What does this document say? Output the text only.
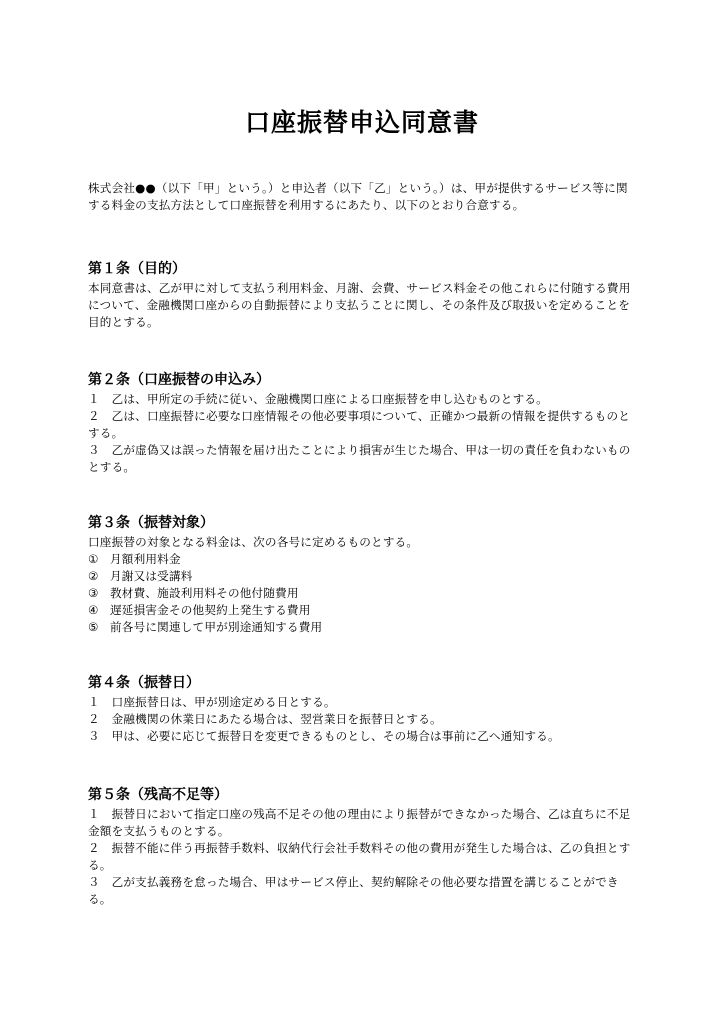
口座振替申込同意書
株式会社●●（以下「甲」という。）と申込者（以下「乙」という。）は、甲が提供するサービス等に関する料金の支払方法として口座振替を利用するにあたり、以下のとおり合意する。
第１条（目的）

本同意書は、乙が甲に対して支払う利用料金、月謝、会費、サービス料金その他これらに付随する費用について、金融機関口座からの自動振替により支払うことに関し、その条件及び取扱いを定めることを目的とする。

第２条（口座振替の申込み）

１　乙は、甲所定の手続に従い、金融機関口座による口座振替を申し込むものとする。

２　乙は、口座振替に必要な口座情報その他必要事項について、正確かつ最新の情報を提供するものとする。

３　乙が虚偽又は誤った情報を届け出たことにより損害が生じた場合、甲は一切の責任を負わないものとする。

第３条（振替対象）

口座振替の対象となる料金は、次の各号に定めるものとする。

① 月額利用料金
② 月謝又は受講料
③ 教材費、施設利用料その他付随費用
④ 遅延損害金その他契約上発生する費用
⑤ 前各号に関連して甲が別途通知する費用
第４条（振替日）

１　口座振替日は、甲が別途定める日とする。

２　金融機関の休業日にあたる場合は、翌営業日を振替日とする。

３　甲は、必要に応じて振替日を変更できるものとし、その場合は事前に乙へ通知する。

第５条（残高不足等）

１　振替日において指定口座の残高不足その他の理由により振替ができなかった場合、乙は直ちに不足金額を支払うものとする。

２　振替不能に伴う再振替手数料、収納代行会社手数料その他の費用が発生した場合は、乙の負担とする。

３　乙が支払義務を怠った場合、甲はサービス停止、契約解除その他必要な措置を講じることができる。
